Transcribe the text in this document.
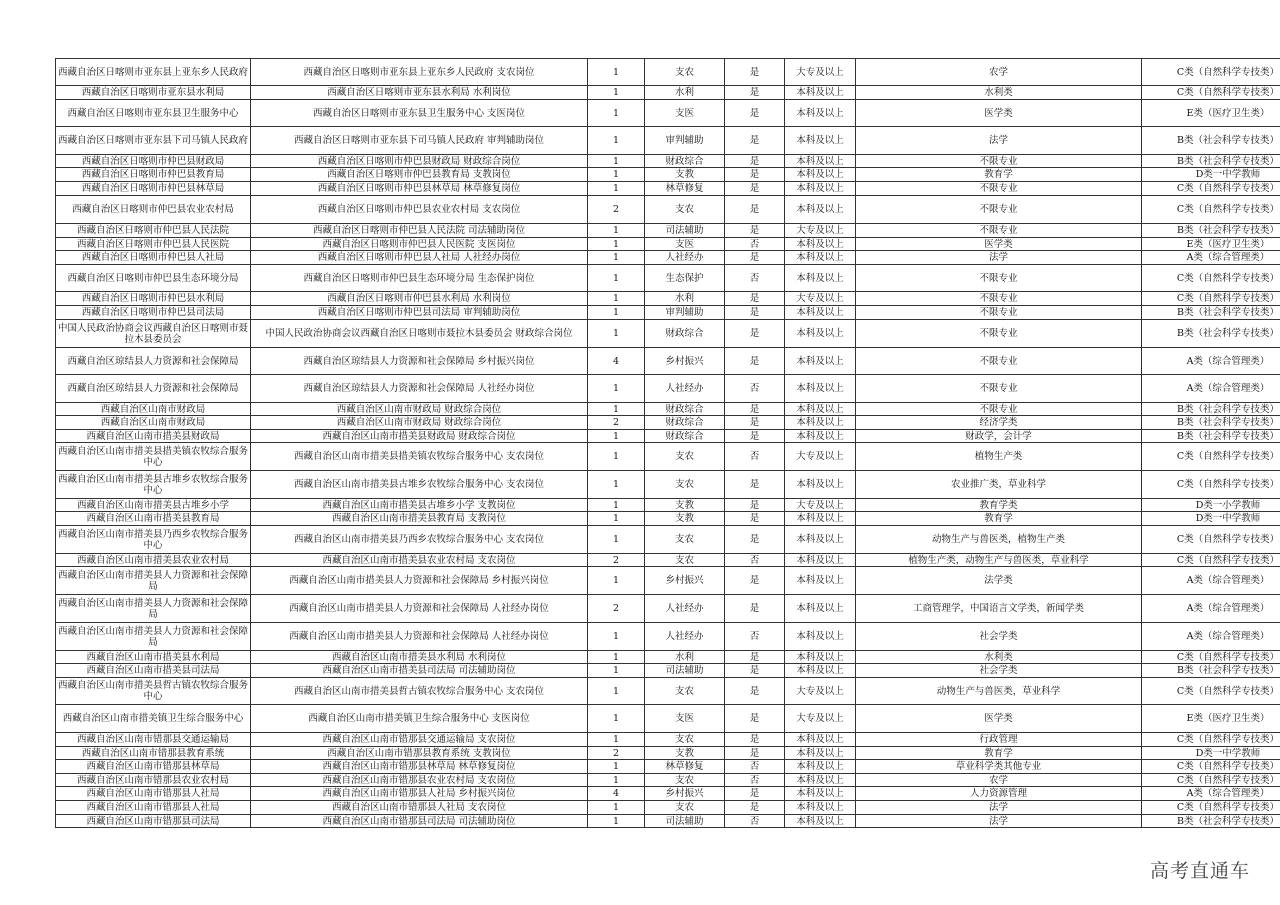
西藏自治区日喀则市亚东县上亚东乡人民政府	西藏自治区日喀则市亚东县上亚东乡人民政府 支农岗位	1	支农	是	大专及以上	农学	C类（自然科学专技类）
西藏自治区日喀则市亚东县水利局	西藏自治区日喀则市亚东县水利局 水利岗位	1	水利	是	本科及以上	水利类	C类（自然科学专技类）
西藏自治区日喀则市亚东县卫生服务中心	西藏自治区日喀则市亚东县卫生服务中心 支医岗位	1	支医	是	本科及以上	医学类	E类（医疗卫生类）
西藏自治区日喀则市亚东县下司马镇人民政府	西藏自治区日喀则市亚东县下司马镇人民政府 审判辅助岗位	1	审判辅助	是	本科及以上	法学	B类（社会科学专技类）
西藏自治区日喀则市仲巴县财政局	西藏自治区日喀则市仲巴县财政局 财政综合岗位	1	财政综合	是	本科及以上	不限专业	B类（社会科学专技类）
西藏自治区日喀则市仲巴县教育局	西藏自治区日喀则市仲巴县教育局 支教岗位	1	支教	是	本科及以上	教育学	D类一中学教师
西藏自治区日喀则市仲巴县林草局	西藏自治区日喀则市仲巴县林草局 林草修复岗位	1	林草修复	是	本科及以上	不限专业	C类（自然科学专技类）
西藏自治区日喀则市仲巴县农业农村局	西藏自治区日喀则市仲巴县农业农村局 支农岗位	2	支农	是	本科及以上	不限专业	C类（自然科学专技类）
西藏自治区日喀则市仲巴县人民法院	西藏自治区日喀则市仲巴县人民法院 司法辅助岗位	1	司法辅助	是	大专及以上	不限专业	B类（社会科学专技类）
西藏自治区日喀则市仲巴县人民医院	西藏自治区日喀则市仲巴县人民医院 支医岗位	1	支医	否	本科及以上	医学类	E类（医疗卫生类）
西藏自治区日喀则市仲巴县人社局	西藏自治区日喀则市仲巴县人社局 人社经办岗位	1	人社经办	是	本科及以上	法学	A类（综合管理类）
西藏自治区日喀则市仲巴县生态环境分局	西藏自治区日喀则市仲巴县生态环境分局 生态保护岗位	1	生态保护	否	本科及以上	不限专业	C类（自然科学专技类）
西藏自治区日喀则市仲巴县水利局	西藏自治区日喀则市仲巴县水利局 水利岗位	1	水利	是	大专及以上	不限专业	C类（自然科学专技类）
西藏自治区日喀则市仲巴县司法局	西藏自治区日喀则市仲巴县司法局 审判辅助岗位	1	审判辅助	是	本科及以上	不限专业	B类（社会科学专技类）
中国人民政治协商会议西藏自治区日喀则市聂拉木县委员会	中国人民政治协商会议西藏自治区日喀则市聂拉木县委员会 财政综合岗位	1	财政综合	是	本科及以上	不限专业	B类（社会科学专技类）
西藏自治区琼结县人力资源和社会保障局	西藏自治区琼结县人力资源和社会保障局 乡村振兴岗位	4	乡村振兴	是	本科及以上	不限专业	A类（综合管理类）
西藏自治区琼结县人力资源和社会保障局	西藏自治区琼结县人力资源和社会保障局 人社经办岗位	1	人社经办	否	本科及以上	不限专业	A类（综合管理类）
西藏自治区山南市财政局	西藏自治区山南市财政局 财政综合岗位	1	财政综合	是	本科及以上	不限专业	B类（社会科学专技类）
西藏自治区山南市财政局	西藏自治区山南市财政局 财政综合岗位	2	财政综合	是	本科及以上	经济学类	B类（社会科学专技类）
西藏自治区山南市措美县财政局	西藏自治区山南市措美县财政局 财政综合岗位	1	财政综合	是	本科及以上	财政学，会计学	B类（社会科学专技类）
西藏自治区山南市措美县措美镇农牧综合服务中心	西藏自治区山南市措美县措美镇农牧综合服务中心 支农岗位	1	支农	否	大专及以上	植物生产类	C类（自然科学专技类）
西藏自治区山南市措美县古堆乡农牧综合服务中心	西藏自治区山南市措美县古堆乡农牧综合服务中心 支农岗位	1	支农	是	本科及以上	农业推广类，草业科学	C类（自然科学专技类）
西藏自治区山南市措美县古堆乡小学	西藏自治区山南市措美县古堆乡小学 支教岗位	1	支教	是	大专及以上	教育学类	D类一小学教师
西藏自治区山南市措美县教育局	西藏自治区山南市措美县教育局 支教岗位	1	支教	是	本科及以上	教育学	D类一中学教师
西藏自治区山南市措美县乃西乡农牧综合服务中心	西藏自治区山南市措美县乃西乡农牧综合服务中心 支农岗位	1	支农	是	本科及以上	动物生产与兽医类，植物生产类	C类（自然科学专技类）
西藏自治区山南市措美县农业农村局	西藏自治区山南市措美县农业农村局 支农岗位	2	支农	否	本科及以上	植物生产类，动物生产与兽医类，草业科学	C类（自然科学专技类）
西藏自治区山南市措美县人力资源和社会保障局	西藏自治区山南市措美县人力资源和社会保障局 乡村振兴岗位	1	乡村振兴	是	本科及以上	法学类	A类（综合管理类）
西藏自治区山南市措美县人力资源和社会保障局	西藏自治区山南市措美县人力资源和社会保障局 人社经办岗位	2	人社经办	是	本科及以上	工商管理学，中国语言文学类，新闻学类	A类（综合管理类）
西藏自治区山南市措美县人力资源和社会保障局	西藏自治区山南市措美县人力资源和社会保障局 人社经办岗位	1	人社经办	否	本科及以上	社会学类	A类（综合管理类）
西藏自治区山南市措美县水利局	西藏自治区山南市措美县水利局 水利岗位	1	水利	是	本科及以上	水利类	C类（自然科学专技类）
西藏自治区山南市措美县司法局	西藏自治区山南市措美县司法局 司法辅助岗位	1	司法辅助	是	本科及以上	社会学类	B类（社会科学专技类）
西藏自治区山南市措美县哲古镇农牧综合服务中心	西藏自治区山南市措美县哲古镇农牧综合服务中心 支农岗位	1	支农	是	大专及以上	动物生产与兽医类，草业科学	C类（自然科学专技类）
西藏自治区山南市措美镇卫生综合服务中心	西藏自治区山南市措美镇卫生综合服务中心 支医岗位	1	支医	是	大专及以上	医学类	E类（医疗卫生类）
西藏自治区山南市错那县交通运输局	西藏自治区山南市错那县交通运输局 支农岗位	1	支农	是	本科及以上	行政管理	C类（自然科学专技类）
西藏自治区山南市错那县教育系统	西藏自治区山南市错那县教育系统 支教岗位	2	支教	是	本科及以上	教育学	D类一中学教师
西藏自治区山南市错那县林草局	西藏自治区山南市错那县林草局 林草修复岗位	1	林草修复	否	本科及以上	草业科学类其他专业	C类（自然科学专技类）
西藏自治区山南市错那县农业农村局	西藏自治区山南市错那县农业农村局 支农岗位	1	支农	否	本科及以上	农学	C类（自然科学专技类）
西藏自治区山南市错那县人社局	西藏自治区山南市错那县人社局 乡村振兴岗位	4	乡村振兴	是	本科及以上	人力资源管理	A类（综合管理类）
西藏自治区山南市错那县人社局	西藏自治区山南市错那县人社局 支农岗位	1	支农	是	本科及以上	法学	C类（自然科学专技类）
西藏自治区山南市错那县司法局	西藏自治区山南市错那县司法局 司法辅助岗位	1	司法辅助	否	本科及以上	法学	B类（社会科学专技类）
高考直通车
